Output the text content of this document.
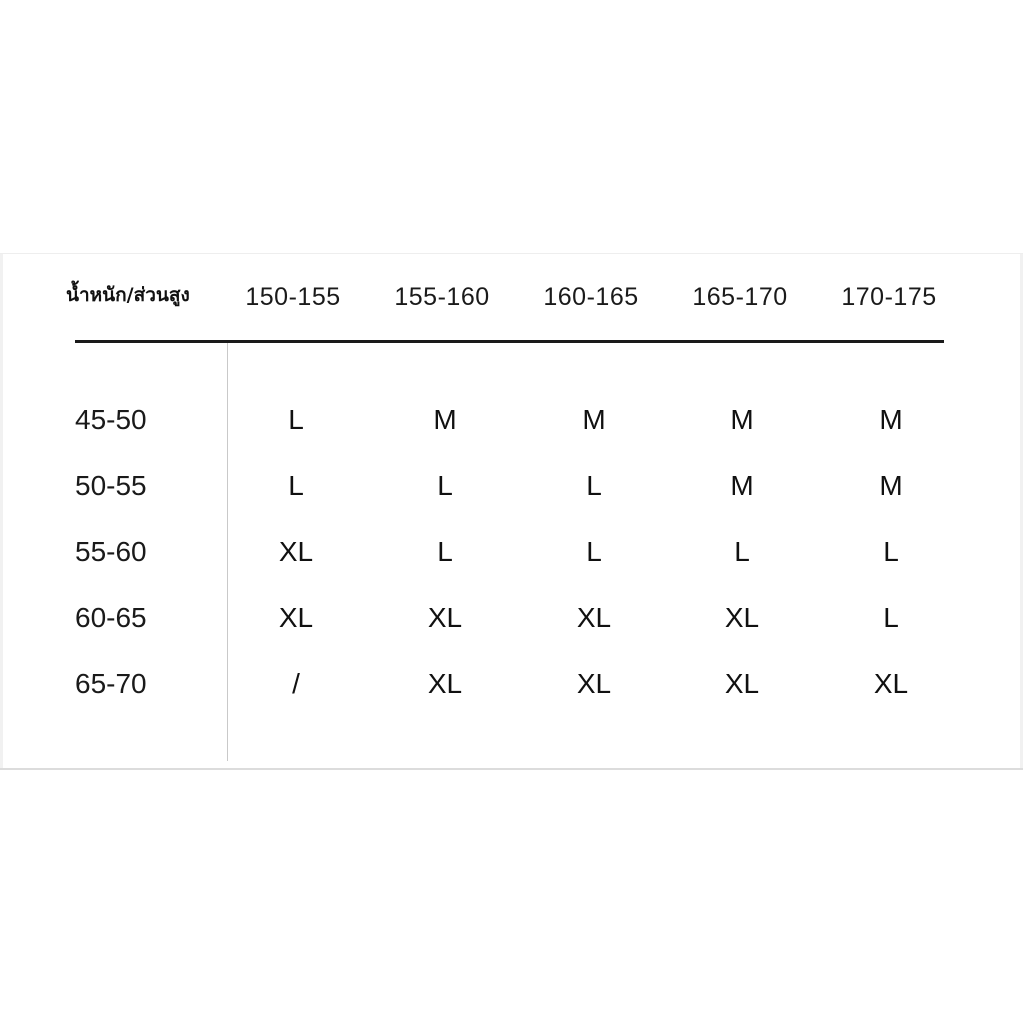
น้ำหนัก/ส่วนสูง	150-155	155-160	160-165	165-170	170-175
45-50	L	M	M	M	M
50-55	L	L	L	M	M
55-60	XL	L	L	L	L
60-65	XL	XL	XL	XL	L
65-70	/	XL	XL	XL	XL
